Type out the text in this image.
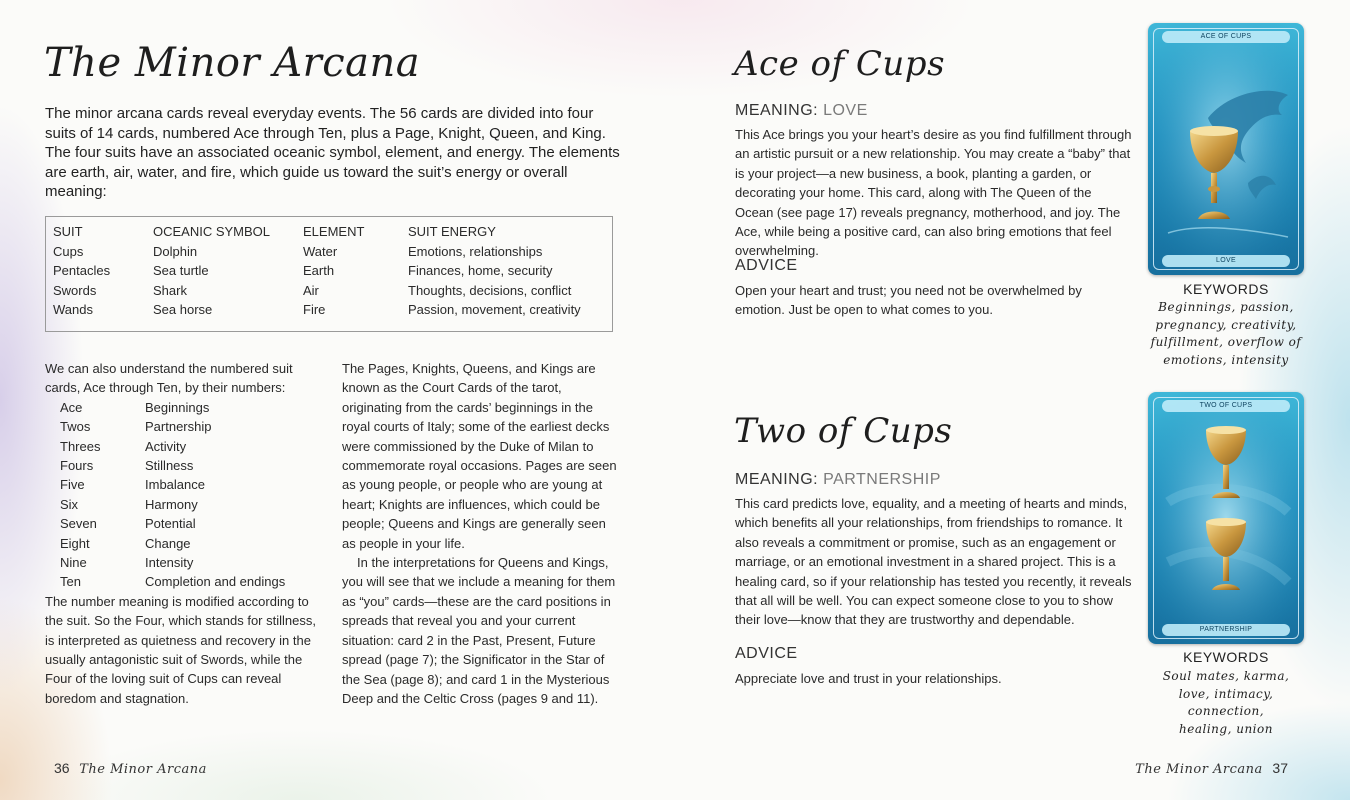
The Minor Arcana

The minor arcana cards reveal everyday events. The 56 cards are divided into four suits of 14 cards, numbered Ace through Ten, plus a Page, Knight, Queen, and King. The four suits have an associated oceanic symbol, element, and energy. The elements are earth, air, water, and fire, which guide us toward the suit’s energy or overall meaning:

SUIT	OCEANIC SYMBOL	ELEMENT	SUIT ENERGY
Cups	Dolphin	Water	Emotions, relationships
Pentacles	Sea turtle	Earth	Finances, home, security
Swords	Shark	Air	Thoughts, decisions, conflict
Wands	Sea horse	Fire	Passion, movement, creativity

We can also understand the numbered suit

cards, Ace through Ten, by their numbers:

Ace	Beginnings
Twos	Partnership
Threes	Activity
Fours	Stillness
Five	Imbalance
Six	Harmony
Seven	Potential
Eight	Change
Nine	Intensity
Ten	Completion and endings

The number meaning is modified according to the suit. So the Four, which stands for stillness, is interpreted as quietness and recovery in the usually antagonistic suit of Swords, while the Four of the loving suit of Cups can reveal boredom and stagnation.

The Pages, Knights, Queens, and Kings are known as the Court Cards of the tarot, originating from the cards’ beginnings in the royal courts of Italy; some of the earliest decks were commissioned by the Duke of Milan to commemorate royal occasions. Pages are seen as young people, or people who are young at heart; Knights are influences, which could be people; Queens and Kings are generally seen as people in your life.

In the interpretations for Queens and Kings, you will see that we include a meaning for them as “you” cards—these are the card positions in spreads that reveal you and your current situation: card 2 in the Past, Present, Future spread (page 7); the Significator in the Star of the Sea (page 8); and card 1 in the Mysterious Deep and the Celtic Cross (pages 9 and 11).

36 The Minor Arcana
Ace of Cups
MEANING: LOVE

This Ace brings you your heart’s desire as you find fulfillment through an artistic pursuit or a new relationship. You may create a “baby” that is your project—a new business, a book, planting a garden, or decorating your home. This card, along with The Queen of the Ocean (see page 17) reveals pregnancy, motherhood, and joy. The Ace, while being a positive card, can also bring emotions that feel overwhelming.

ADVICE

Open your heart and trust; you need not be overwhelmed by emotion. Just be open to what comes to you.

ACE OF CUPS
LOVE
KEYWORDS
Beginnings, passion,
pregnancy, creativity,
fulfillment, overflow of
emotions, intensity
Two of Cups
MEANING: PARTNERSHIP

This card predicts love, equality, and a meeting of hearts and minds, which benefits all your relationships, from friendships to romance. It also reveals a commitment or promise, such as an engagement or marriage, or an emotional investment in a shared project. This is a healing card, so if your relationship has tested you recently, it reveals that all will be well. You can expect someone close to you to show their love—know that they are trustworthy and dependable.

ADVICE

Appreciate love and trust in your relationships.

TWO OF CUPS
PARTNERSHIP
KEYWORDS
Soul mates, karma,
love, intimacy, connection,
healing, union
The Minor Arcana 37
